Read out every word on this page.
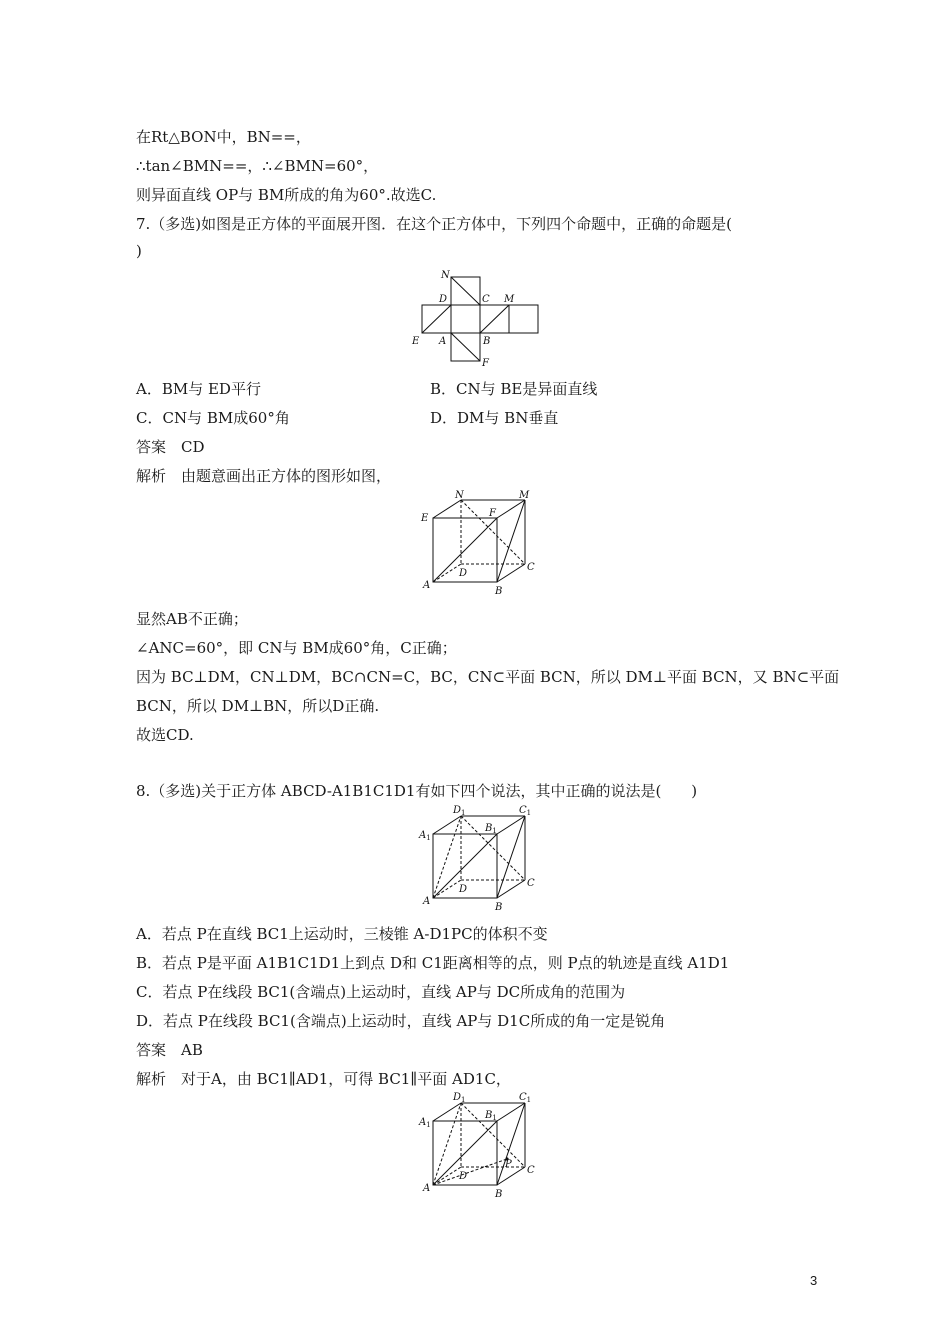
在Rt△BON中，BN==，
∴tan∠BMN==，∴∠BMN=60°，
则异面直线 OP与 BM所成的角为60°.故选C.
7.（多选)如图是正方体的平面展开图．在这个正方体中，下列四个命题中，正确的命题是(
)
N
D	C M
E A	B
F
A．BM与 ED平行	B．CN与 BE是异面直线
C．CN与 BM成60°角	D．DM与 BN垂直
答案　CD
解析　由题意画出正方体的图形如图，
N	M
E	F
D
C
A
B
显然AB不正确；
∠ANC=60°，即 CN与 BM成60°角，C正确；
因为 BC⊥DM，CN⊥DM，BC∩CN=C，BC，CN⊂平面 BCN，所以 DM⊥平面 BCN，又 BN⊂平面
BCN，所以 DM⊥BN，所以D正确.
故选CD.
8.（多选)关于正方体 ABCD-A1B1C1D1有如下四个说法，其中正确的说法是(　　)
$D_1$	$C_1$
$A_1$
$B_1$
D
C
A
B
A．若点 P在直线 BC1上运动时，三棱锥 A-D1PC的体积不变
B．若点 P是平面 A1B1C1D1上到点 D和 C1距离相等的点，则 P点的轨迹是直线 A1D1
C．若点 P在线段 BC1(含端点)上运动时，直线 AP与 DC所成角的范围为
D．若点 P在线段 BC1(含端点)上运动时，直线 AP与 D1C所成的角一定是锐角
答案　AB
解析　对于A，由 BC1∥AD1，可得 BC1∥平面 AD1C，
$D_1$	$C_1$
$A_1$
$B_1$
D
C
A
B
P
3
